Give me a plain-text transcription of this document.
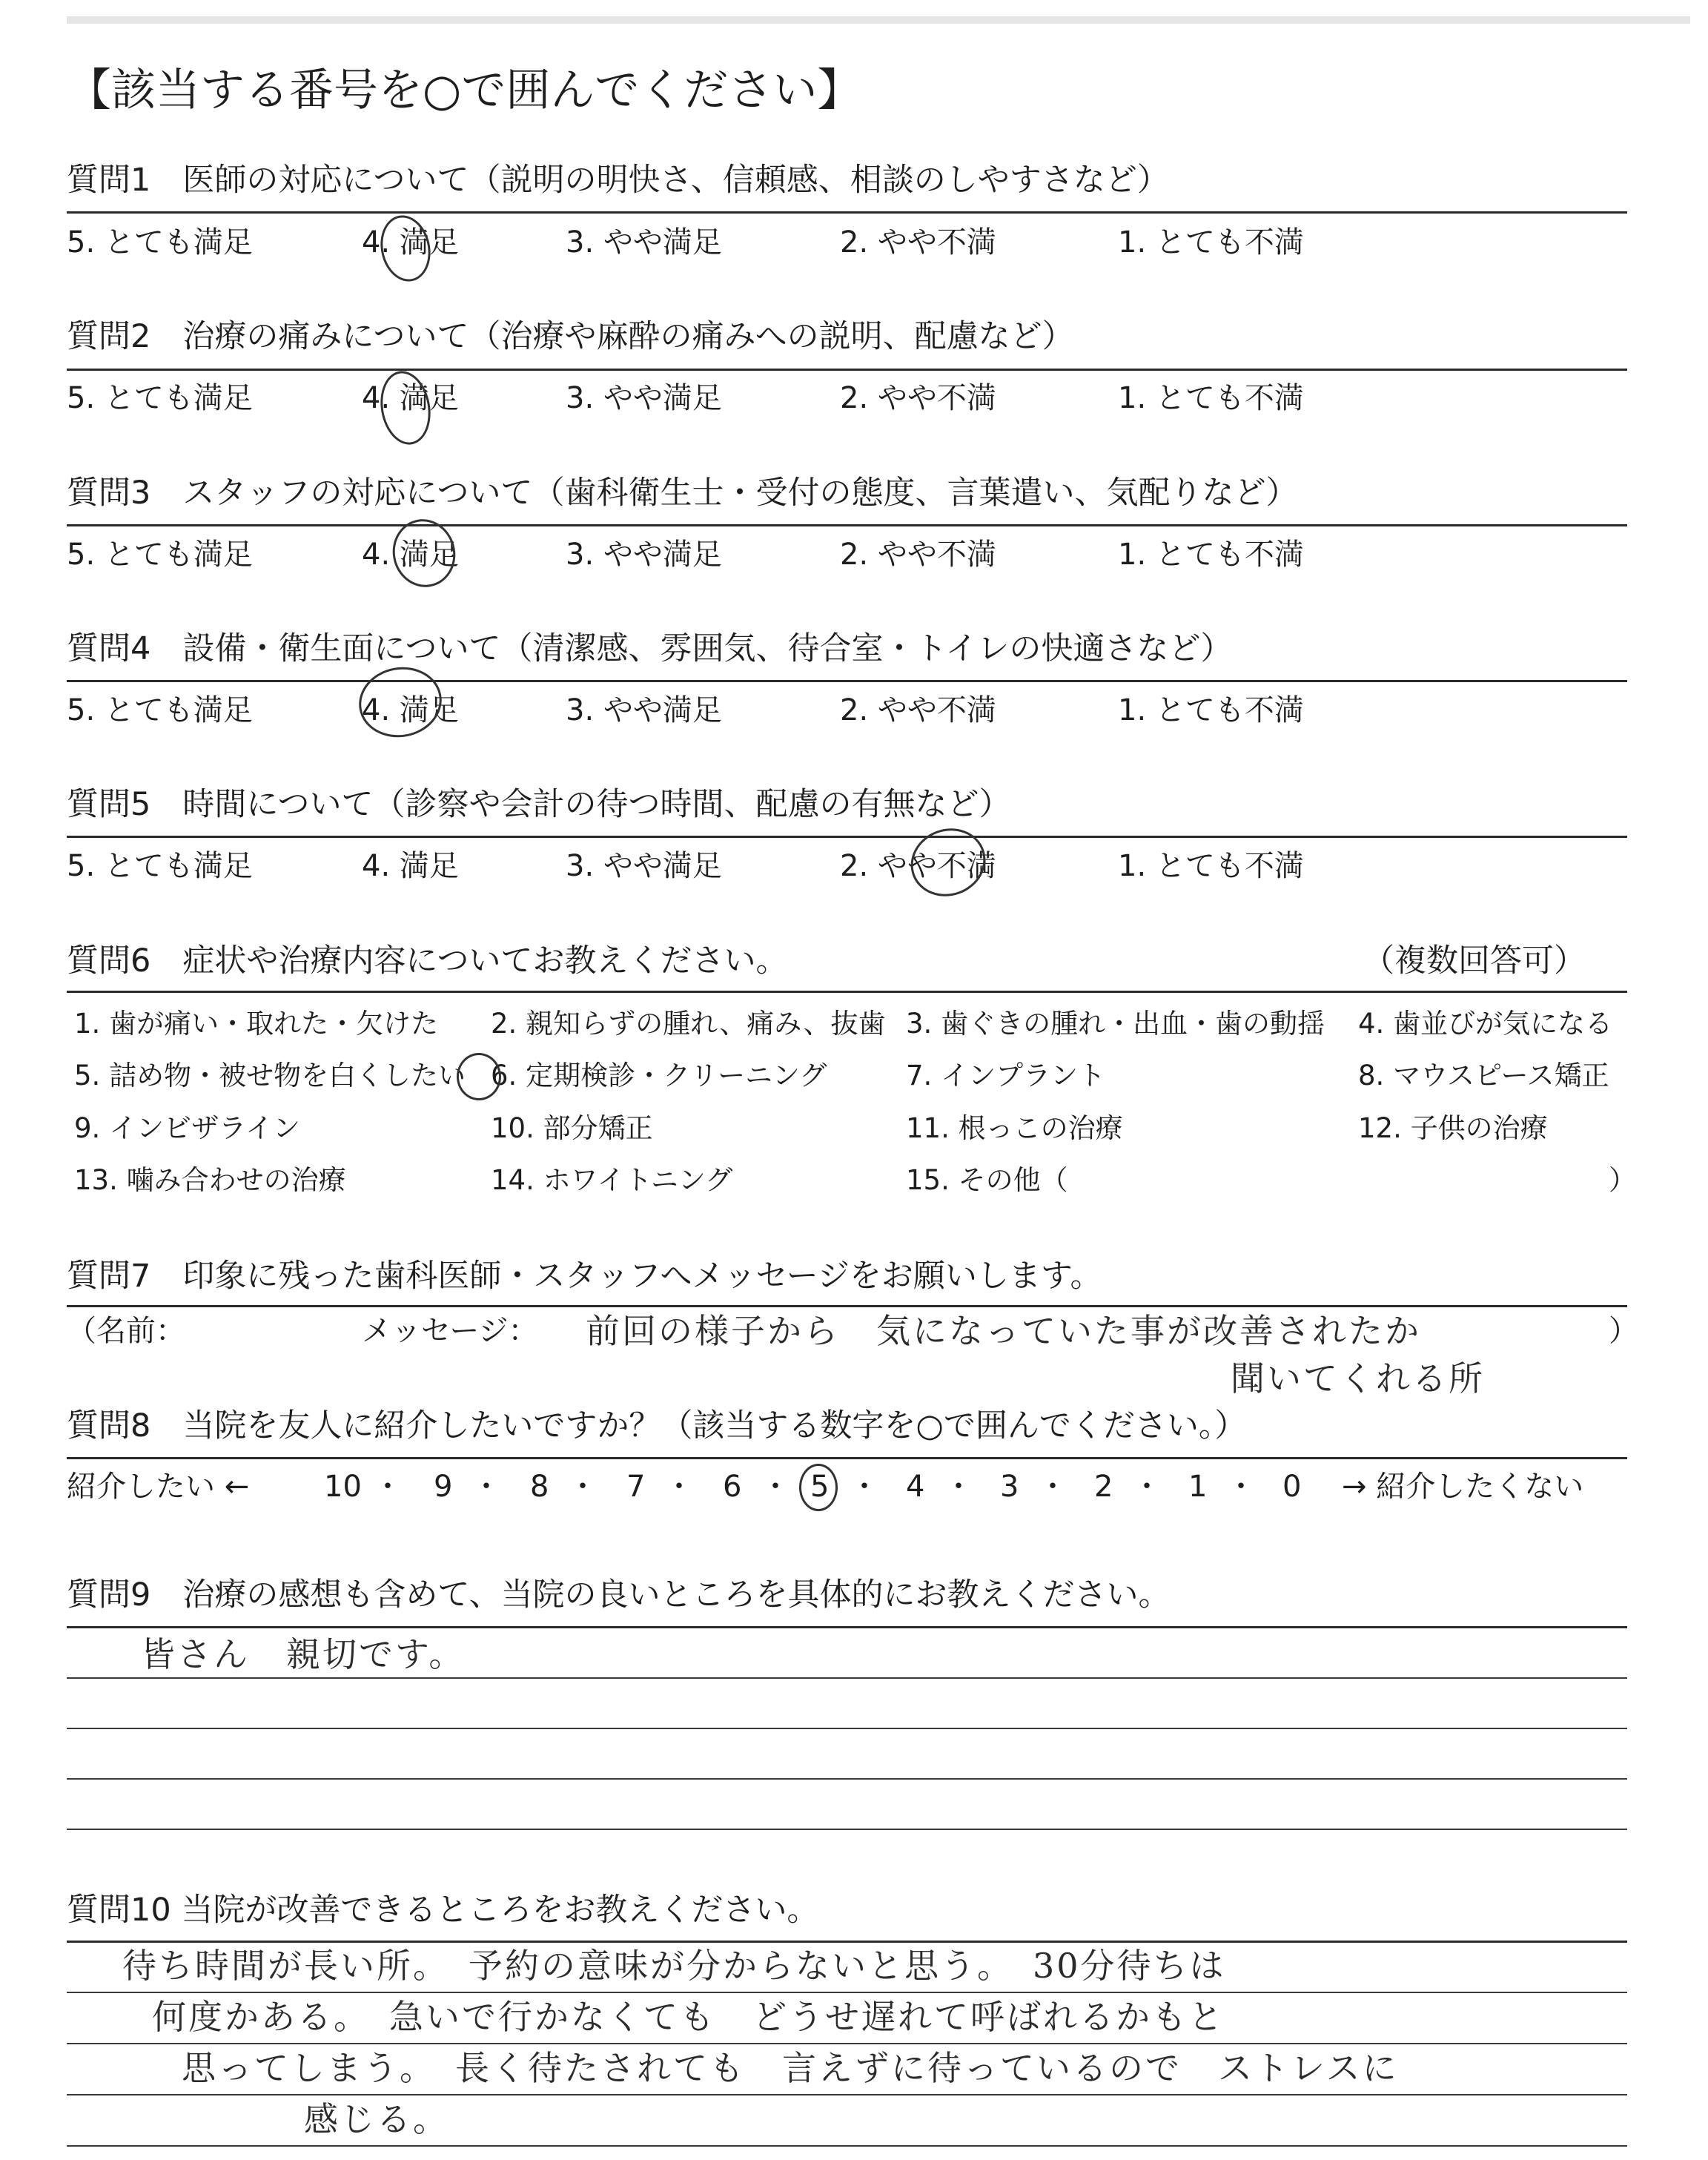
【該当する番号を○で囲んでください】
質問1　医師の対応について（説明の明快さ、信頼感、相談のしやすさなど）
5. とても満足	4. 満足	3. やや満足	2. やや不満	1. とても不満
質問2　治療の痛みについて（治療や麻酔の痛みへの説明、配慮など）
5. とても満足	4. 満足	3. やや満足	2. やや不満	1. とても不満
質問3　スタッフの対応について（歯科衛生士・受付の態度、言葉遣い、気配りなど）
5. とても満足	4. 満足	3. やや満足	2. やや不満	1. とても不満
質問4　設備・衛生面について（清潔感、雰囲気、待合室・トイレの快適さなど）
5. とても満足	4. 満足	3. やや満足	2. やや不満	1. とても不満
質問5　時間について（診察や会計の待つ時間、配慮の有無など）
5. とても満足	4. 満足	3. やや満足	2. やや不満	1. とても不満
質問6　症状や治療内容についてお教えください。	（複数回答可）
1. 歯が痛い・取れた・欠けた 2. 親知らずの腫れ、痛み、抜歯 3. 歯ぐきの腫れ・出血・歯の動揺 4. 歯並びが気になる
5. 詰め物・被せ物を白くしたい 6. 定期検診・クリーニング	7. インプラント	8. マウスピース矯正
9. インビザライン	10. 部分矯正	11. 根っこの治療	12. 子供の治療
13. 噛み合わせの治療	14. ホワイトニング	15. その他（	）
質問7　印象に残った歯科医師・スタッフへメッセージをお願いします。
（名前：	メッセージ：	）
前回の様子から　気になっていた事が改善されたか
聞いてくれる所
質問8　当院を友人に紹介したいですか？（該当する数字を○で囲んでください。）
紹介したい ←	10 ・ 9 ・ 8 ・ 7 ・ 6 ・ 5 ・ 4 ・ 3 ・ 2 ・ 1 ・ 0 → 紹介したくない
質問9　治療の感想も含めて、当院の良いところを具体的にお教えください。
皆さん　親切です。
質問10 当院が改善できるところをお教えください。
待ち時間が長い所。　予約の意味が分からないと思う。　30分待ちは
何度かある。　急いで行かなくても　どうせ遅れて呼ばれるかもと
思ってしまう。　長く待たされても　言えずに待っているので　ストレスに
感じる。
